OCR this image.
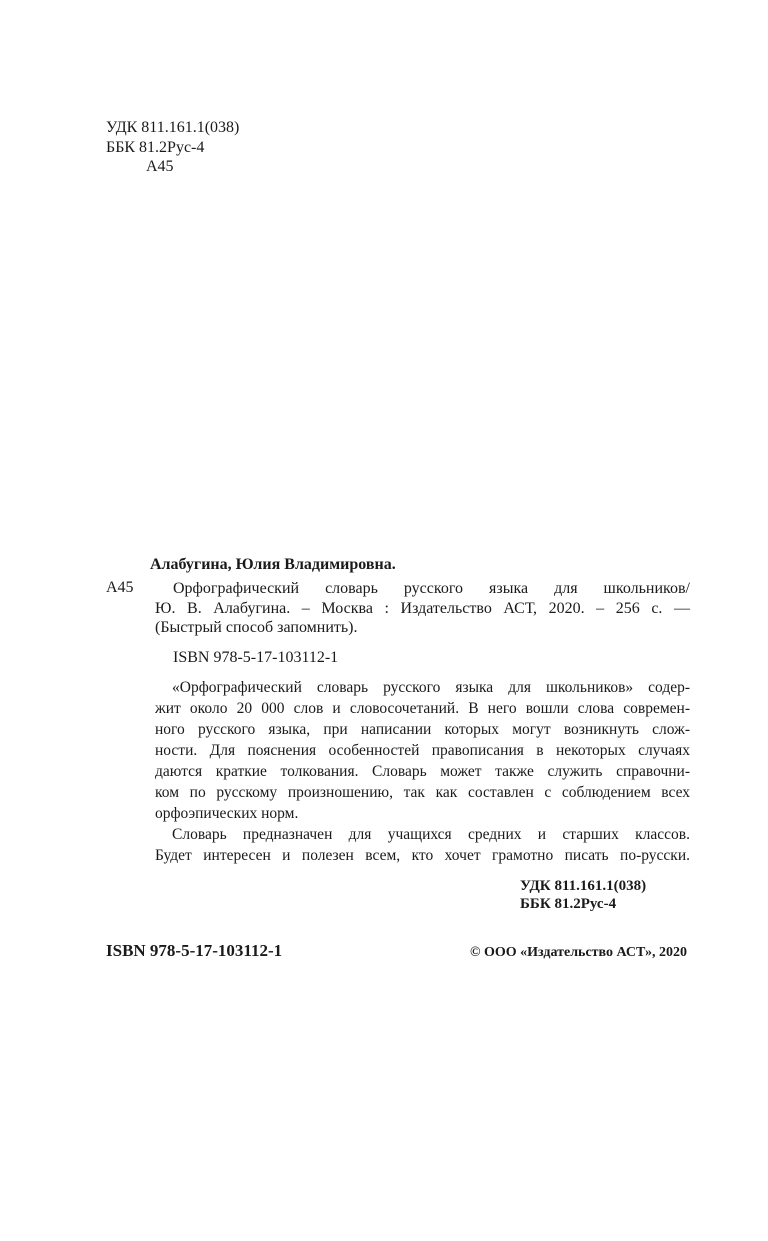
УДК 811.161.1(038)
ББК 81.2Рус-4
А45
Алабугина, Юлия Владимировна.
А45 Орфографический словарь русского языка для школьников/
Ю. В. Алабугина. – Москва : Издательство АСТ, 2020. – 256 с. —
(Быстрый способ запомнить).
ISBN 978-5-17-103112-1
«Орфографический словарь русского языка для школьников» содер-
жит около 20 000 слов и словосочетаний. В него вошли слова современ-
ного русского языка, при написании которых могут возникнуть слож-
ности. Для пояснения особенностей правописания в некоторых случаях
даются краткие толкования. Словарь может также служить справочни-
ком по русскому произношению, так как составлен с соблюдением всех
орфоэпических норм.
Словарь предназначен для учащихся средних и старших классов.
Будет интересен и полезен всем, кто хочет грамотно писать по-русски.
УДК 811.161.1(038)
ББК 81.2Рус-4
ISBN 978-5-17-103112-1	© ООО «Издательство АСТ», 2020
